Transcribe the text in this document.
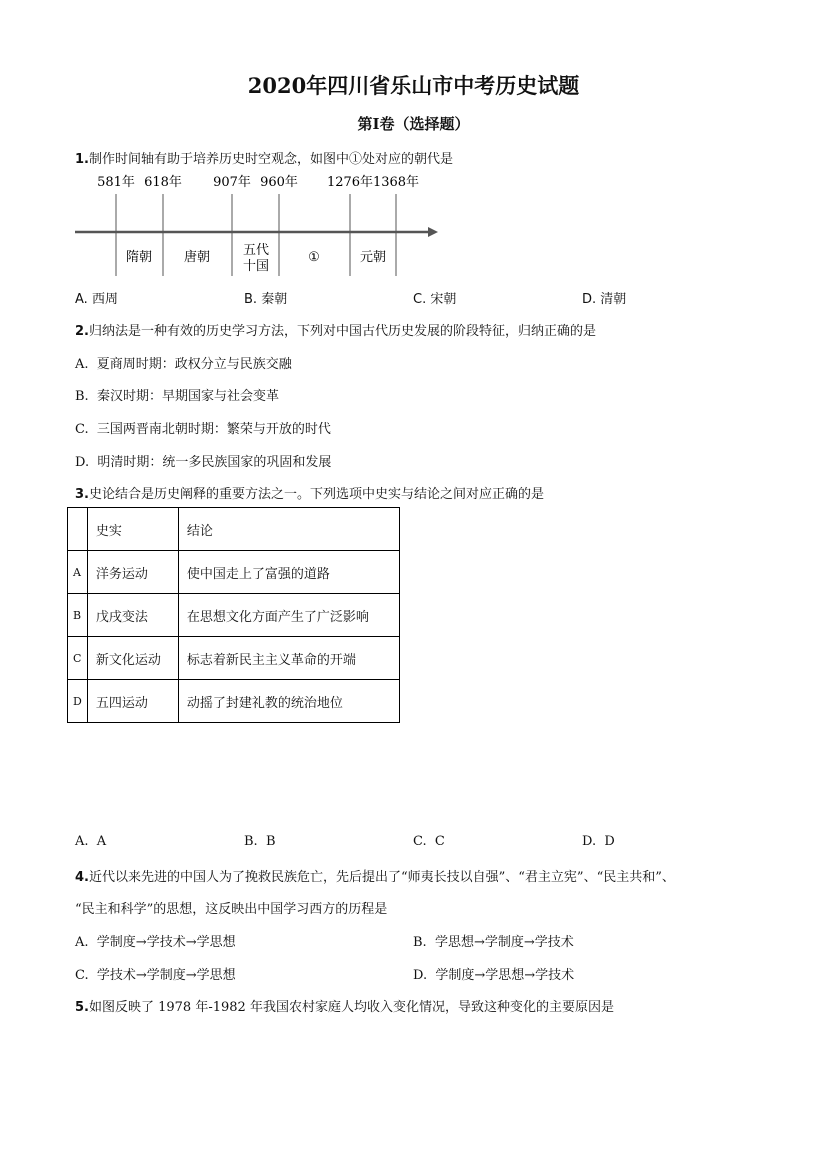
2020年四川省乐山市中考历史试题
第Ⅰ卷（选择题）
1.制作时间轴有助于培养历史时空观念，如图中①处对应的朝代是
581年 618年 907年 960年 1276年 1368年
隋朝 唐朝	五代
十国
①	元朝
A. 西周	B. 秦朝	C. 宋朝	D. 清朝
2.归纳法是一种有效的历史学习方法，下列对中国古代历史发展的阶段特征，归纳正确的是
A. 夏商周时期：政权分立与民族交融
B. 秦汉时期：早期国家与社会变革
C. 三国两晋南北朝时期：繁荣与开放的时代
D. 明清时期：统一多民族国家的巩固和发展
3.史论结合是历史阐释的重要方法之一。下列选项中史实与结论之间对应正确的是
	史实	结论
A	洋务运动	使中国走上了富强的道路
B	戊戌变法	在思想文化方面产生了广泛影响
C	新文化运动	标志着新民主主义革命的开端
D	五四运动	动摇了封建礼教的统治地位
A. A	B. B	C. C	D. D
4.近代以来先进的中国人为了挽救民族危亡，先后提出了“师夷长技以自强”、“君主立宪”、“民主共和”、
“民主和科学”的思想，这反映出中国学习西方的历程是
A. 学制度→学技术→学思想	B. 学思想→学制度→学技术
C. 学技术→学制度→学思想	D. 学制度→学思想→学技术
5.如图反映了 1978 年-1982 年我国农村家庭人均收入变化情况，导致这种变化的主要原因是
